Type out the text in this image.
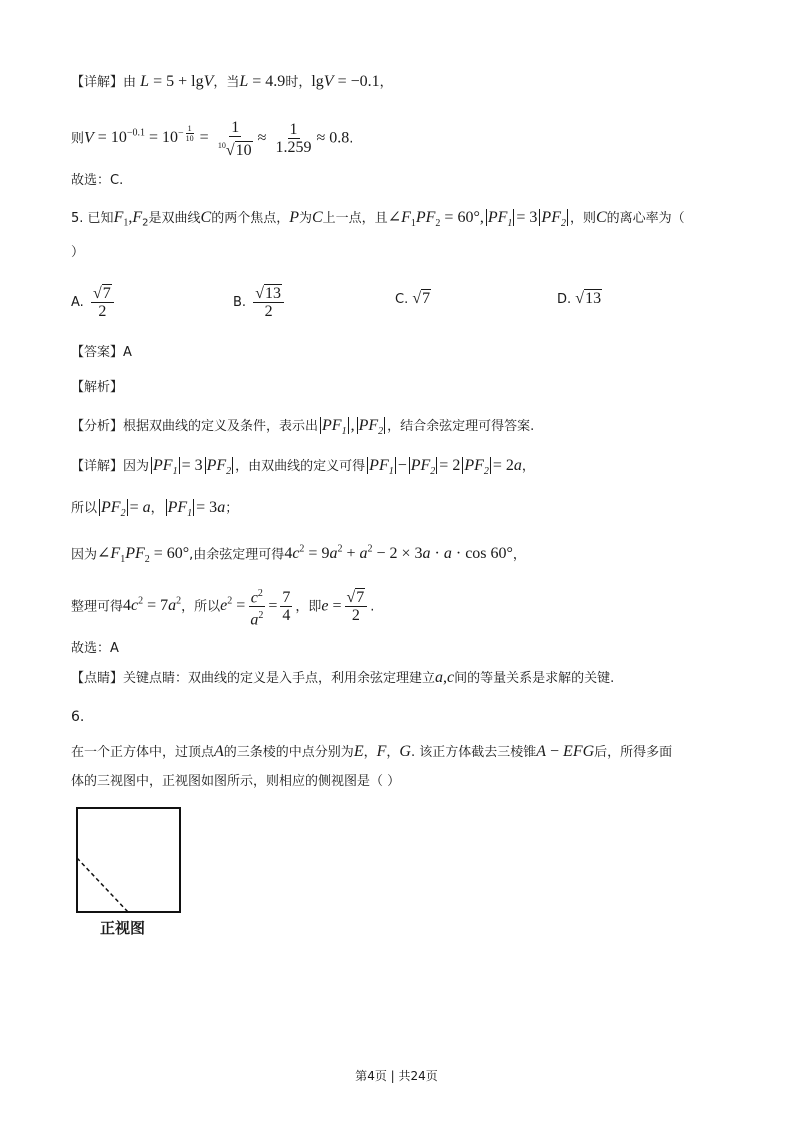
【详解】由 L = 5 + lgV，当L = 4.9时，lgV = −0.1，
则$V = 10^{-0.1} = 10^{- \frac{1}{10}} = \frac{1}{^{10}√10} \approx \frac{1}{1.259} \approx 0.8$.
故选：C.
5. 已知$F_1,F_2$是双曲线C的两个焦点，P为C上一点，且$\angle F_1PF_2 = 60^\circ$, $PF_1 = 3$ $PF_2$ ，则C的离心率为（
）
A. $\frac{√7}{2}$	B. $\frac{√13}{2}$	C. √7	D. √13
【答案】A
【解析】
【分析】根据双曲线的定义及条件，表示出 $PF_1$ , $PF_2$ ，结合余弦定理可得答案.
【详解】因为 $PF_1 = 3$ $PF_2$ ，由双曲线的定义可得 $PF_1 - PF_2 = 2$ $PF_2 = 2a$，
所以 $PF_2 = a$， $PF_1 = 3a$；
因为$\angle F_1PF_2 = 60^\circ$,由余弦定理可得$4c^2 = 9a^2 + a^2 - 2 \times 3a \cdot a \cdot \cos 60^\circ$，
整理可得$4c^2 = 7a^2$，所以$e^2 = \frac{c^2}{a^2} = \frac{7}{4}$ ，即$e = \frac{√7}{2}$ .
故选：A
【点睛】关键点睛：双曲线的定义是入手点，利用余弦定理建立a,c间的等量关系是求解的关键.
6.
在一个正方体中，过顶点A的三条棱的中点分别为E，F，G. 该正方体截去三棱锥A − EFG后，所得多面
体的三视图中，正视图如图所示，则相应的侧视图是（ ）
正视图
第4页 | 共24页
